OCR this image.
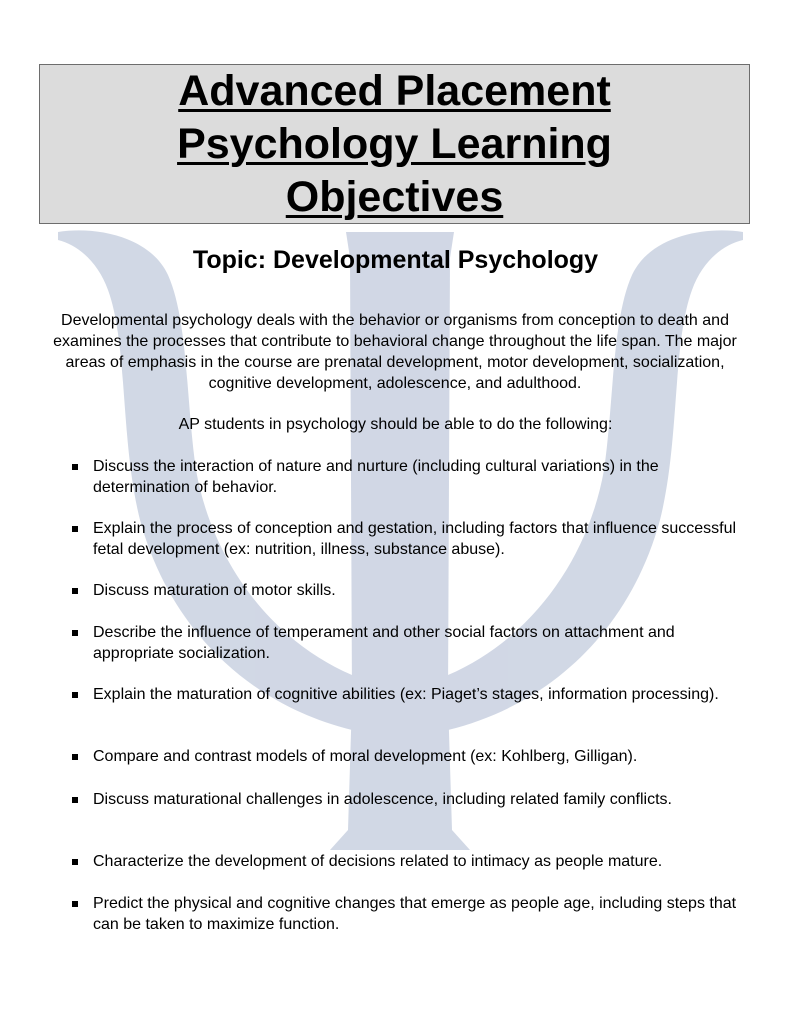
Advanced Placement Psychology Learning Objectives
Topic: Developmental Psychology

Developmental psychology deals with the behavior or organisms from conception to death and examines the processes that contribute to behavioral change throughout the life span. The major areas of emphasis in the course are prenatal development, motor development, socialization, cognitive development, adolescence, and adulthood.

AP students in psychology should be able to do the following:

Discuss the interaction of nature and nurture (including cultural variations) in the determination of behavior.
Explain the process of conception and gestation, including factors that influence successful fetal development (ex: nutrition, illness, substance abuse).
Discuss maturation of motor skills.
Describe the influence of temperament and other social factors on attachment and appropriate socialization.
Explain the maturation of cognitive abilities (ex: Piaget’s stages, information processing).
Compare and contrast models of moral development (ex: Kohlberg, Gilligan).
Discuss maturational challenges in adolescence, including related family conflicts.
Characterize the development of decisions related to intimacy as people mature.
Predict the physical and cognitive changes that emerge as people age, including steps that can be taken to maximize function.
